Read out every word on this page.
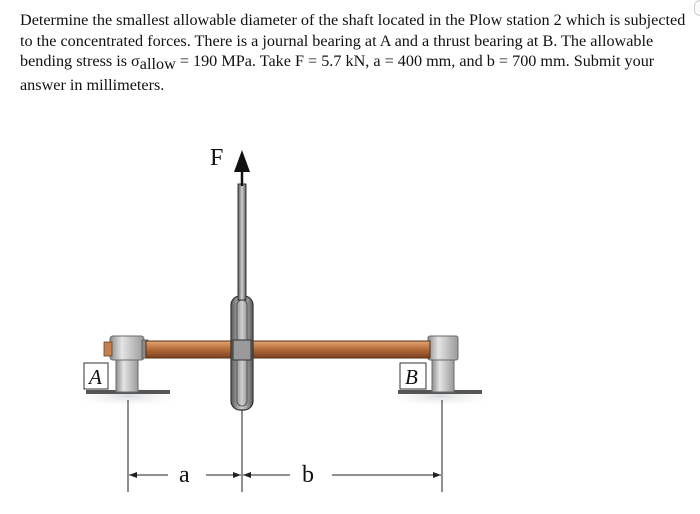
Determine the smallest allowable diameter of the shaft located in the Plow station 2 which is subjected to the concentrated forces. There is a journal bearing at A and a thrust bearing at B. The allowable bending stress is σallow = 190 MPa. Take F = 5.7 kN, a = 400 mm, and b = 700 mm. Submit your answer in millimeters.

F
A	B
a	b
